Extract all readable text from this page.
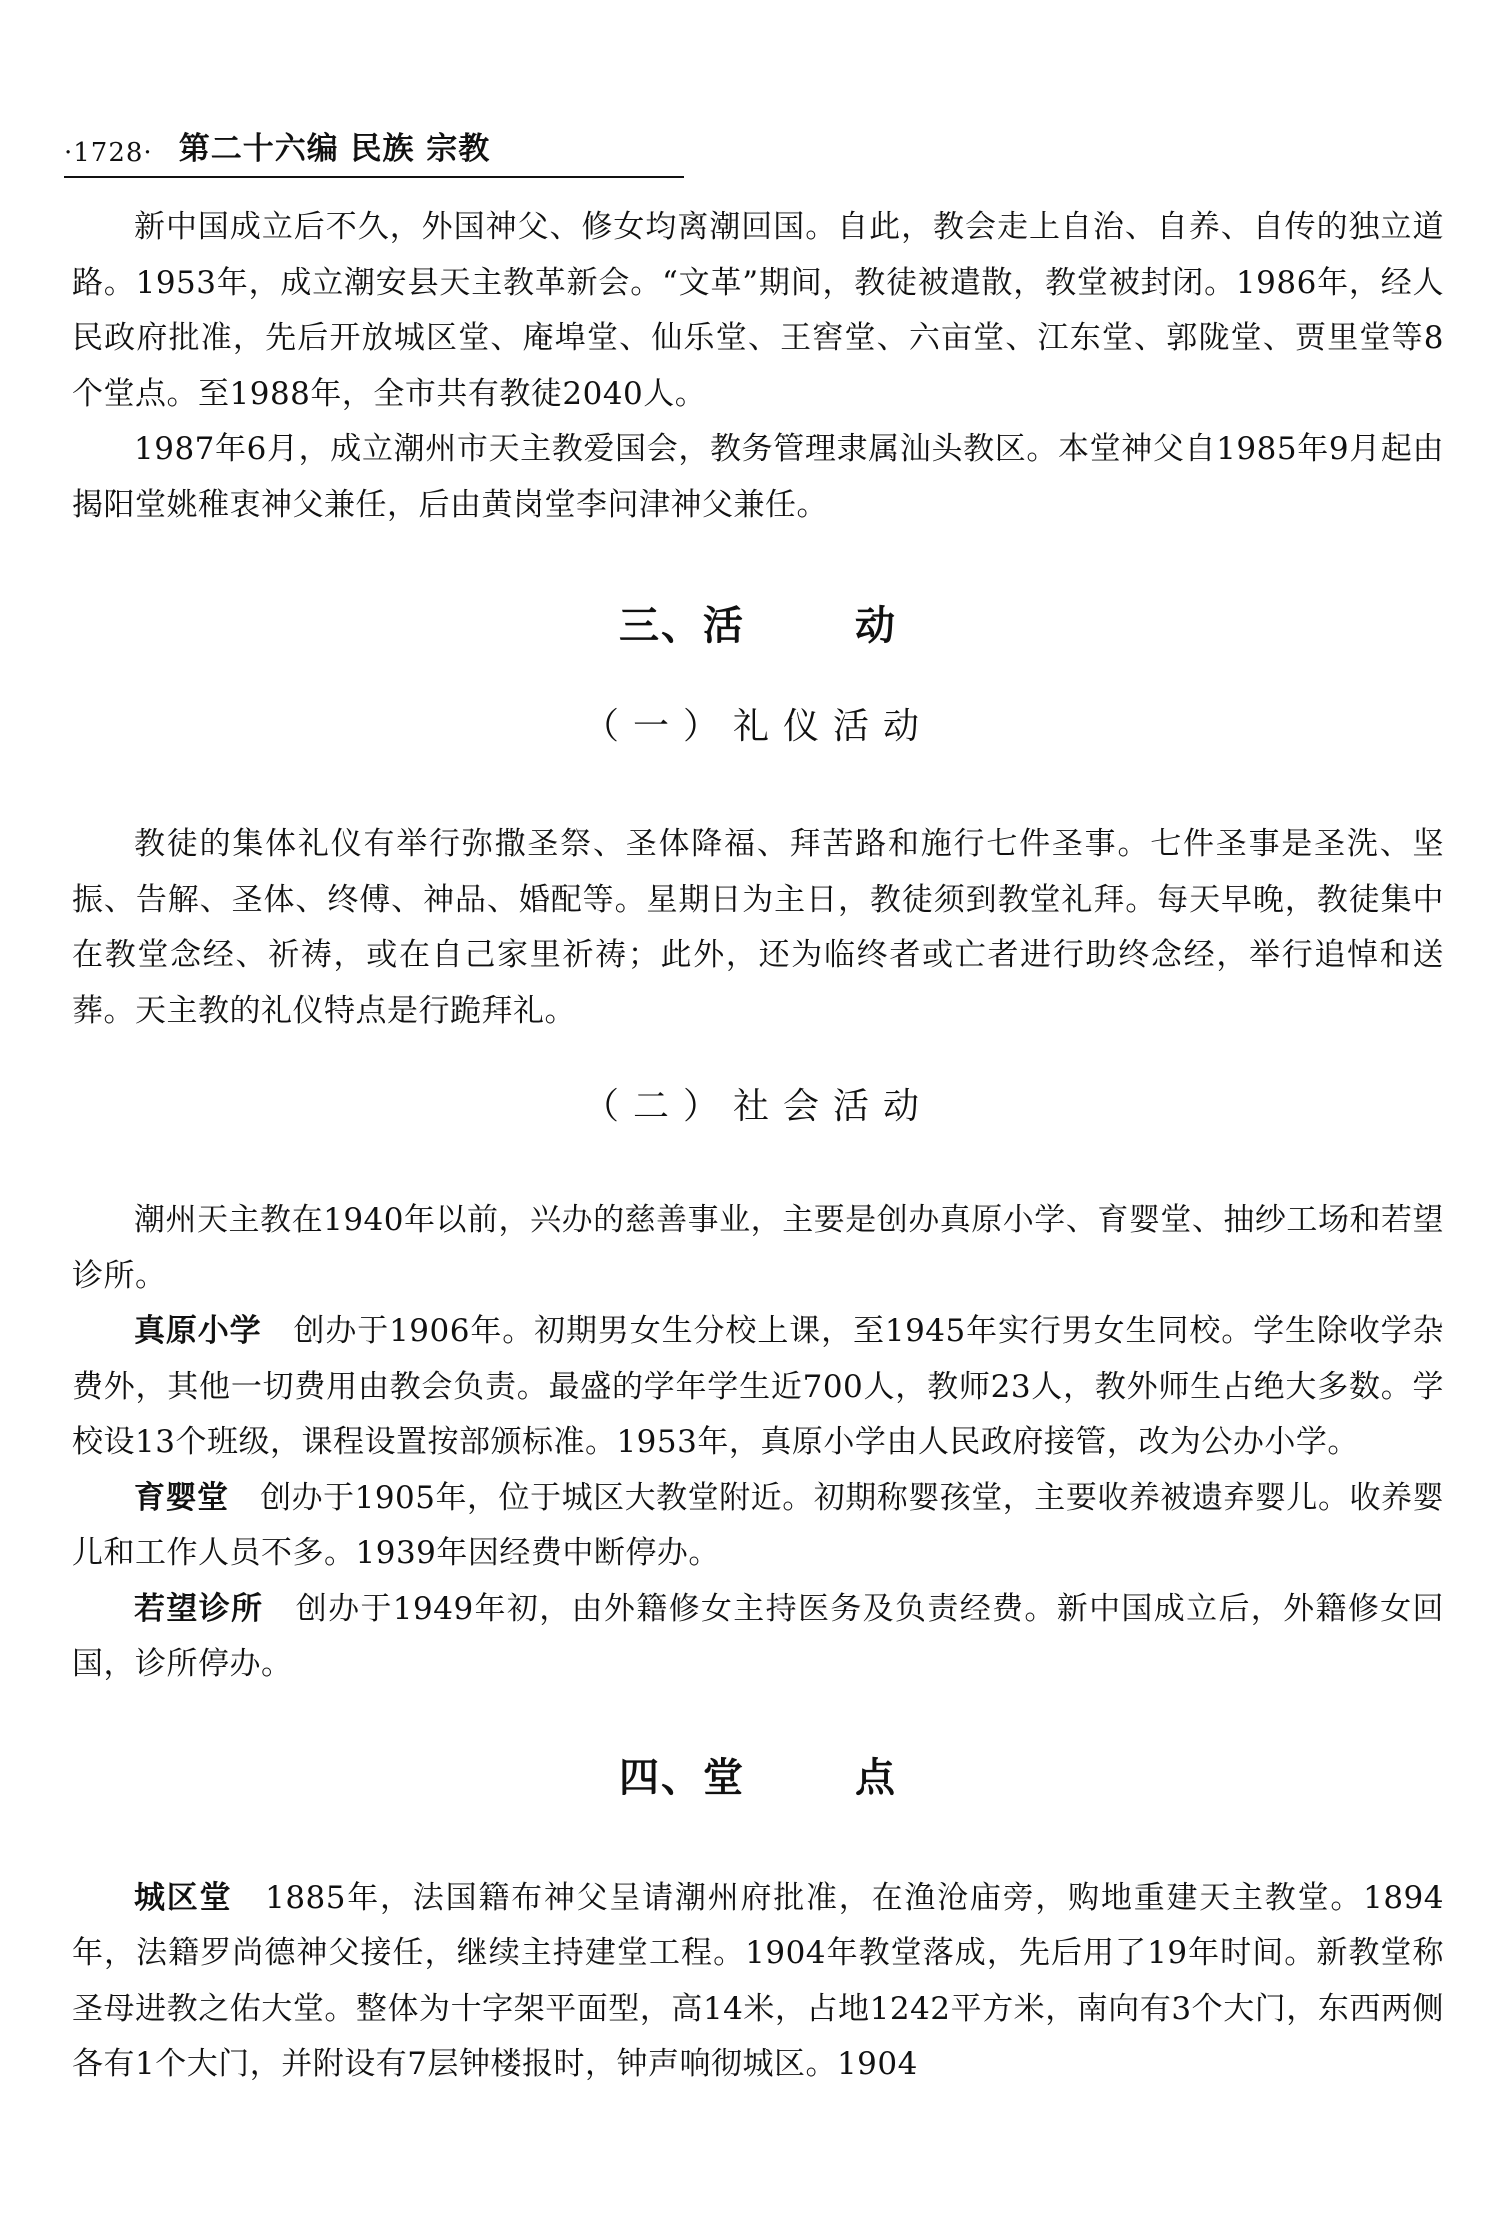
·1728· 第二十六编 民族 宗教

新中国成立后不久，外国神父、修女均离潮回国。自此，教会走上自治、自养、自传的独立道路。1953年，成立潮安县天主教革新会。“文革”期间，教徒被遣散，教堂被封闭。1986年，经人民政府批准，先后开放城区堂、庵埠堂、仙乐堂、王窖堂、六亩堂、江东堂、郭陇堂、贾里堂等8个堂点。至1988年，全市共有教徒2040人。

1987年6月，成立潮州市天主教爱国会，教务管理隶属汕头教区。本堂神父自1985年9月起由揭阳堂姚稚衷神父兼任，后由黄岗堂李问津神父兼任。

三、活	动
（一）礼仪活动

教徒的集体礼仪有举行弥撒圣祭、圣体降福、拜苦路和施行七件圣事。七件圣事是圣洗、坚振、告解、圣体、终傅、神品、婚配等。星期日为主日，教徒须到教堂礼拜。每天早晚，教徒集中在教堂念经、祈祷，或在自己家里祈祷；此外，还为临终者或亡者进行助终念经，举行追悼和送葬。天主教的礼仪特点是行跪拜礼。

（二）社会活动

潮州天主教在1940年以前，兴办的慈善事业，主要是创办真原小学、育婴堂、抽纱工场和若望诊所。

真原小学　 创办于1906年。初期男女生分校上课，至1945年实行男女生同校。学生除收学杂费外，其他一切费用由教会负责。最盛的学年学生近700人，教师23人，教外师生占绝大多数。学校设13个班级，课程设置按部颁标准。1953年，真原小学由人民政府接管，改为公办小学。

育婴堂　 创办于1905年，位于城区大教堂附近。初期称婴孩堂，主要收养被遗弃婴儿。收养婴儿和工作人员不多。1939年因经费中断停办。

若望诊所　 创办于1949年初，由外籍修女主持医务及负责经费。新中国成立后，外籍修女回国，诊所停办。

四、堂	点

城区堂　 1885年，法国籍布神父呈请潮州府批准，在渔沧庙旁，购地重建天主教堂。1894年，法籍罗尚德神父接任，继续主持建堂工程。1904年教堂落成，先后用了19年时间。新教堂称圣母进教之佑大堂。整体为十字架平面型，高14米，占地1242平方米，南向有3个大门，东西两侧各有1个大门，并附设有7层钟楼报时，钟声响彻城区。1904
